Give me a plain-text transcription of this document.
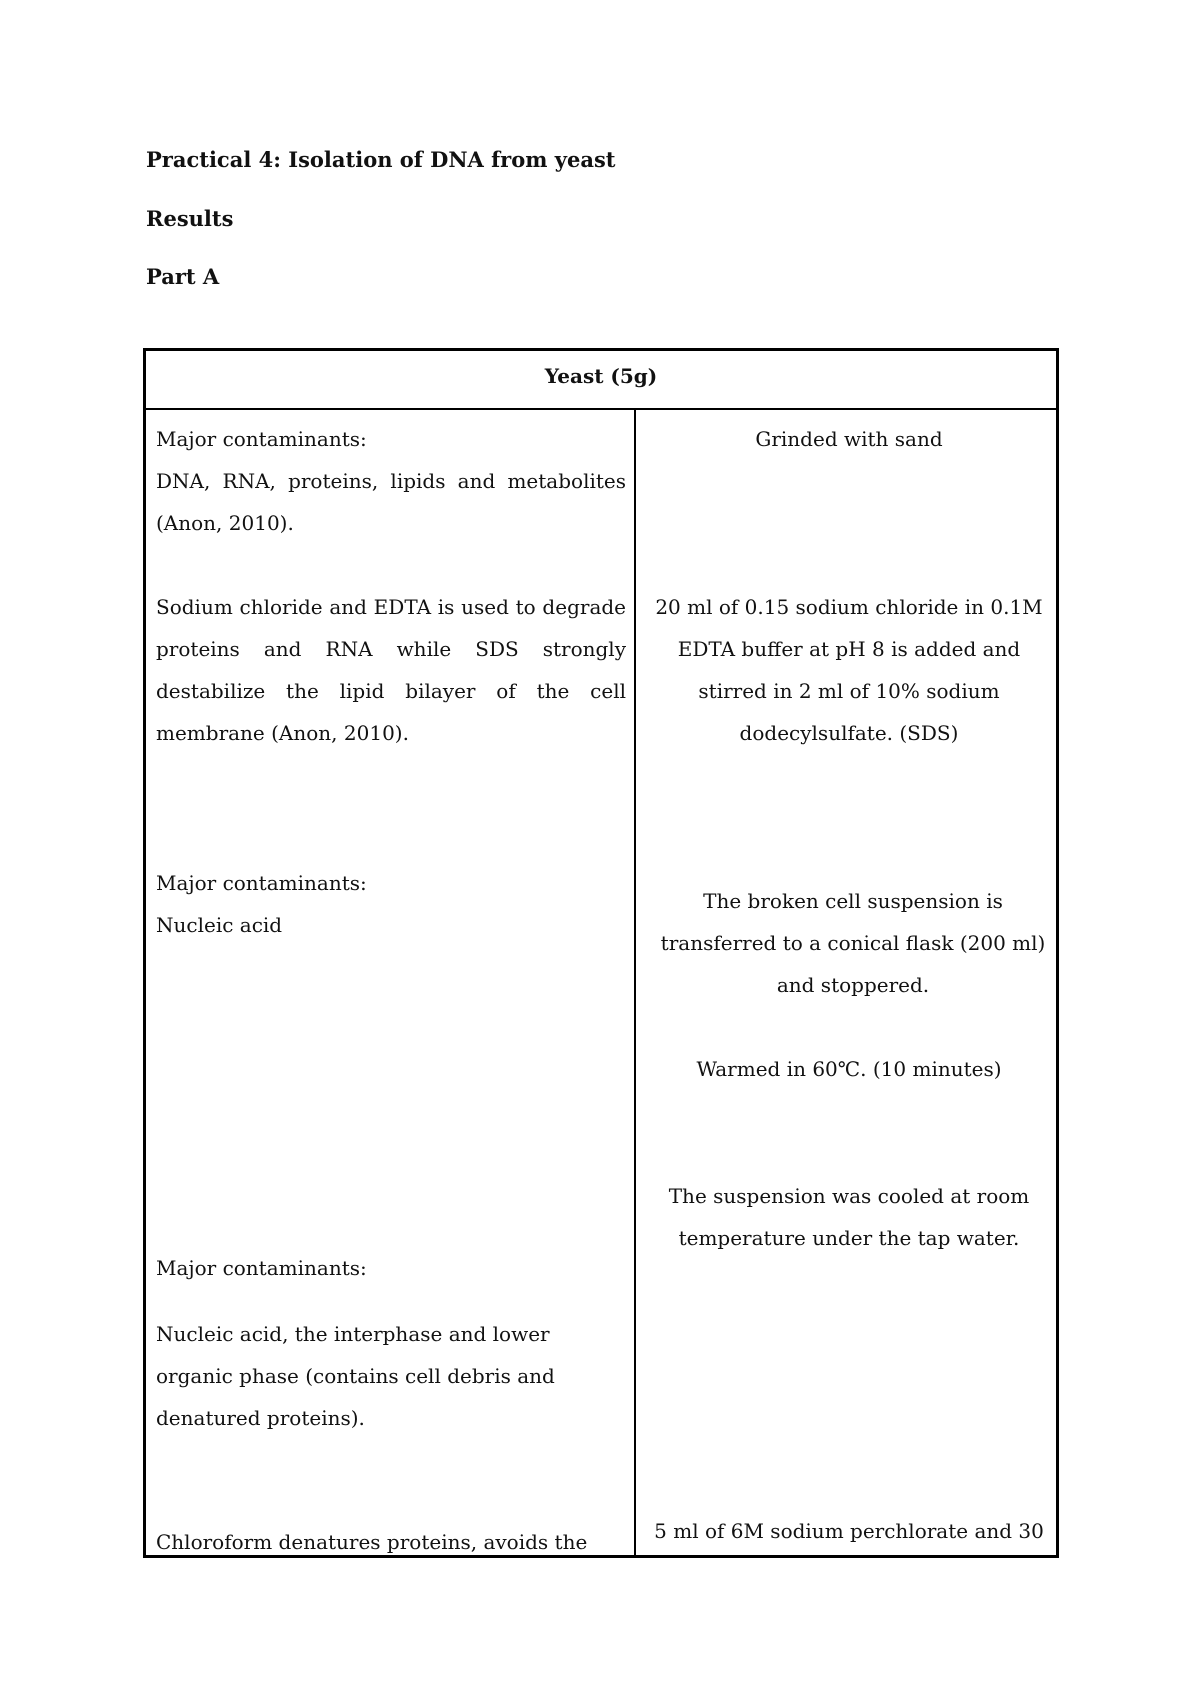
Practical 4: Isolation of DNA from yeast
Results
Part A
Yeast (5g)
Major contaminants:
DNA, RNA, proteins, lipids and metabolites (Anon, 2010).

Sodium chloride and EDTA is used to degrade proteins and RNA while SDS strongly destabilize the lipid bilayer of the cell membrane (Anon, 2010).

Major contaminants:
Nucleic acid

Major contaminants:

Nucleic acid, the interphase and lower organic phase (contains cell debris and denatured proteins).

Chloroform denatures proteins, avoids the

Grinded with sand

20 ml of 0.15 sodium chloride in 0.1M EDTA buffer at pH 8 is added and stirred in 2 ml of 10% sodium dodecylsulfate. (SDS)

The broken cell suspension is transferred to a conical flask (200 ml) and stoppered.

Warmed in 60℃. (10 minutes)

The suspension was cooled at room temperature under the tap water.

5 ml of 6M sodium perchlorate and 30
